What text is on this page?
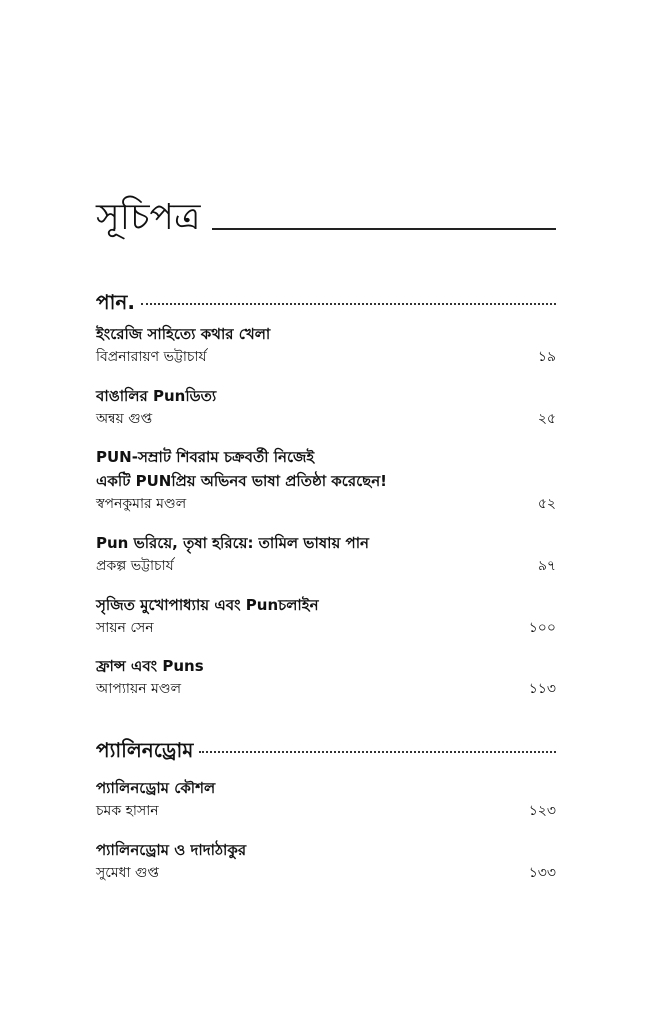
সূচিপত্র
পান.
ইংরেজি সাহিত্যে কথার খেলা
বিপ্রনারায়ণ ভট্টাচার্য	১৯
বাঙালির Punডিত্য
অন্বয় গুপ্ত	২৫
PUN-সম্রাট শিবরাম চক্রবর্তী নিজেই
একটি PUNপ্রিয় অভিনব ভাষা প্রতিষ্ঠা করেছেন!
স্বপনকুমার মণ্ডল	৫২
Pun ভরিয়ে, তৃষা হরিয়ে: তামিল ভাষায় পান
প্রকল্প ভট্টাচার্য	৯৭
সৃজিত মুখোপাধ্যায় এবং Punচলাইন
সায়ন সেন	১০০
ফ্রান্স এবং Puns
আপ্যায়ন মণ্ডল	১১৩
প্যালিনড্রোম
প্যালিনড্রোম কৌশল
চমক হাসান	১২৩
প্যালিনড্রোম ও দাদাঠাকুর
সুমেধা গুপ্ত	১৩৩
